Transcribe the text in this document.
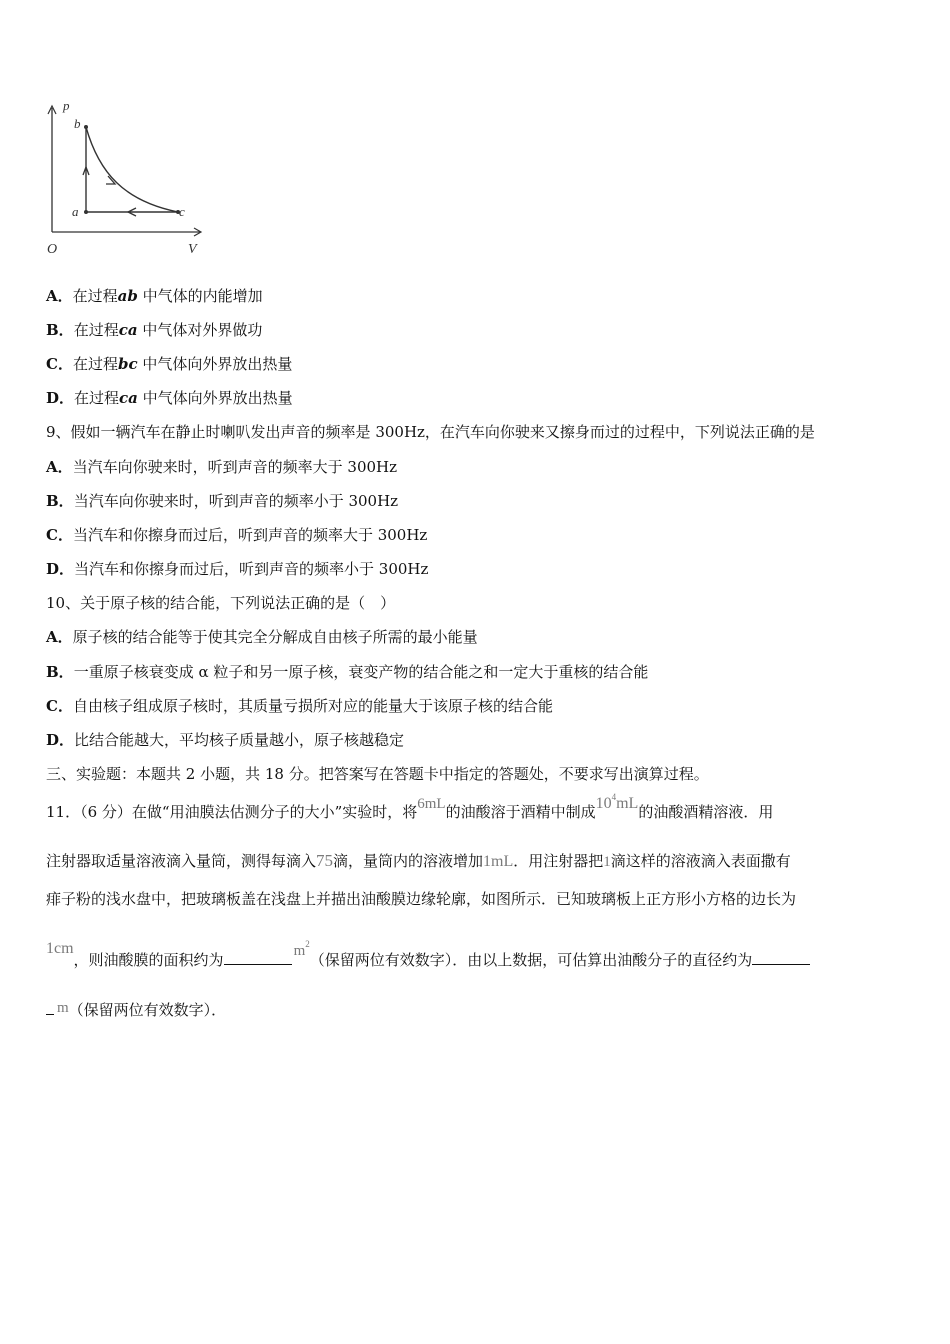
p
b
a	c
O	V
A．在过程ab 中气体的内能增加
B．在过程ca 中气体对外界做功
C．在过程bc 中气体向外界放出热量
D．在过程ca 中气体向外界放出热量
9、假如一辆汽车在静止时喇叭发出声音的频率是 300Hz，在汽车向你驶来又擦身而过的过程中，下列说法正确的是
A．当汽车向你驶来时，听到声音的频率大于 300Hz
B．当汽车向你驶来时，听到声音的频率小于 300Hz
C．当汽车和你擦身而过后，听到声音的频率大于 300Hz
D．当汽车和你擦身而过后，听到声音的频率小于 300Hz
10、关于原子核的结合能，下列说法正确的是（　）
A．原子核的结合能等于使其完全分解成自由核子所需的最小能量
B．一重原子核衰变成 α 粒子和另一原子核，衰变产物的结合能之和一定大于重核的结合能
C．自由核子组成原子核时，其质量亏损所对应的能量大于该原子核的结合能
D．比结合能越大，平均核子质量越小，原子核越稳定
三、实验题：本题共 2 小题，共 18 分。把答案写在答题卡中指定的答题处，不要求写出演算过程。
11．（6 分）在做“用油膜法估测分子的大小”实验时，将6mL的油酸溶于酒精中制成$10^4mL$的油酸酒精溶液．用
注射器取适量溶液滴入量筒，测得每滴入75滴，量筒内的溶液增加1mL．用注射器把1滴这样的溶液滴入表面撒有
痱子粉的浅水盘中，把玻璃板盖在浅盘上并描出油酸膜边缘轮廓，如图所示．已知玻璃板上正方形小方格的边长为
1cm，则油酸膜的面积约为	$m^2$（保留两位有效数字）．由以上数据，可估算出油酸分子的直径约为
m（保留两位有效数字）．
